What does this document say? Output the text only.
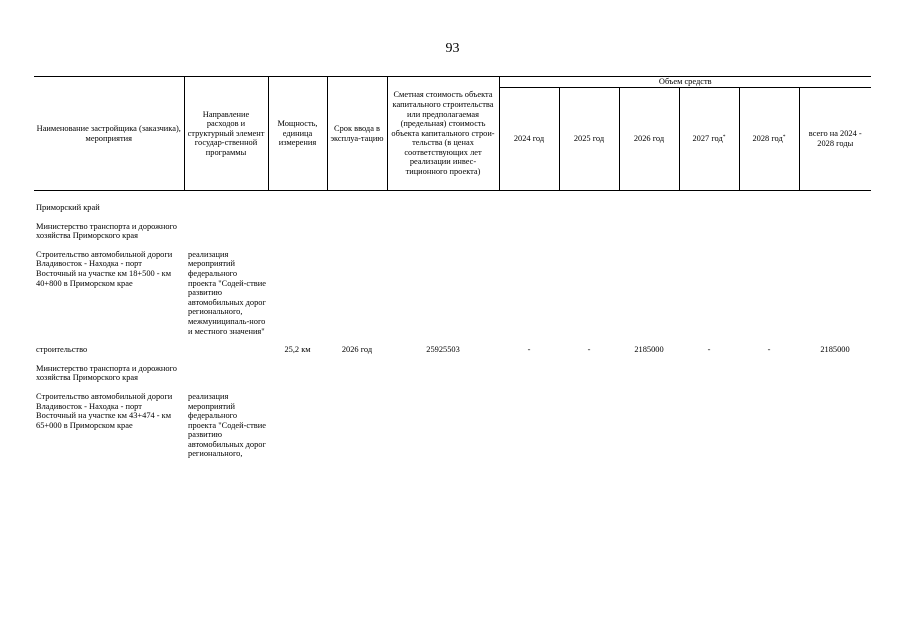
93
Наименование застройщика (заказчика), мероприятия	Направление расходов и структурный элемент государ-ственной программы	Мощность, единица измерения	Срок ввода в эксплуа-тацию	Сметная стоимость объекта капитального строительства или предполагаемая (предельная) стоимость объекта капитального строи-тельства (в ценах соответствующих лет реализации инвес-тиционного проекта)	Объем средств					
					2024 год	2025 год	2026 год	2027 год*	2028 год*	всего на 2024 - 2028 годы
Приморский край										
Министерство транспорта и дорожного хозяйства Приморского края										
Строительство автомобильной дороги Владивосток - Находка - порт Восточный на участке км 18+500 - км 40+800 в Приморском крае	реализация мероприятий федерального проекта "Содей-ствие развитию автомобильных дорог регионального, межмуниципаль-ного и местного значения"									
строительство		25,2 км	2026 год	25925503	-	-	2185000	-	-	2185000
Министерство транспорта и дорожного хозяйства Приморского края										
Строительство автомобильной дороги Владивосток - Находка - порт Восточный на участке км 43+474 - км 65+000 в Приморском крае	реализация мероприятий федерального проекта "Содей-ствие развитию автомобильных дорог регионального,									
